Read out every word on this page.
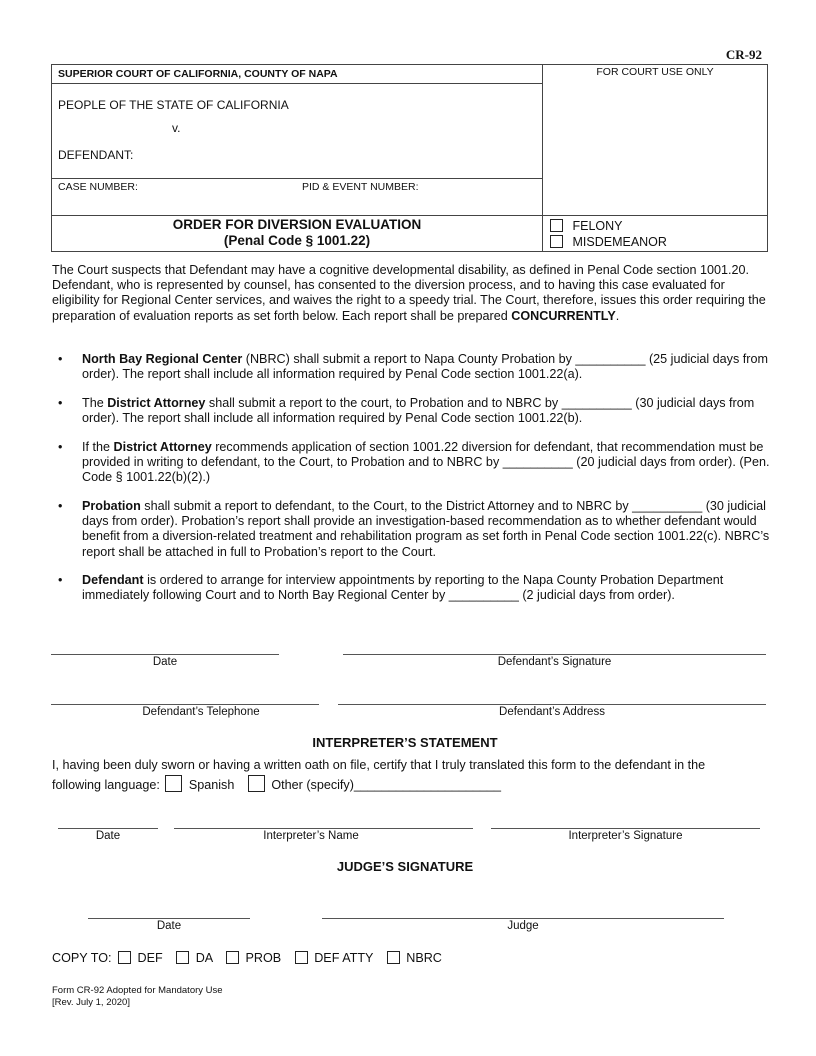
CR-92
SUPERIOR COURT OF CALIFORNIA, COUNTY OF NAPA	FOR COURT USE ONLY
PEOPLE OF THE STATE OF CALIFORNIA
v.
DEFENDANT:
CASE NUMBER:	PID & EVENT NUMBER:
ORDER FOR DIVERSION EVALUATION
(Penal Code § 1001.22)
FELONY
MISDEMEANOR
The Court suspects that Defendant may have a cognitive developmental disability, as defined in Penal Code section 1001.20. Defendant, who is represented by counsel, has consented to the diversion process, and to having this case evaluated for eligibility for Regional Center services, and waives the right to a speedy trial. The Court, therefore, issues this order requiring the preparation of evaluation reports as set forth below. Each report shall be prepared CONCURRENTLY.
• North Bay Regional Center (NBRC) shall submit a report to Napa County Probation by __________ (25 judicial days from order). The report shall include all information required by Penal Code section 1001.22(a).
• The District Attorney shall submit a report to the court, to Probation and to NBRC by __________ (30 judicial days from order). The report shall include all information required by Penal Code section 1001.22(b).
• If the District Attorney recommends application of section 1001.22 diversion for defendant, that recommendation must be provided in writing to defendant, to the Court, to Probation and to NBRC by __________ (20 judicial days from order). (Pen. Code § 1001.22(b)(2).)
• Probation shall submit a report to defendant, to the Court, to the District Attorney and to NBRC by __________ (30 judicial days from order). Probation’s report shall provide an investigation-based recommendation as to whether defendant would benefit from a diversion-related treatment and rehabilitation program as set forth in Penal Code section 1001.22(c). NBRC’s report shall be attached in full to Probation’s report to the Court.
• Defendant is ordered to arrange for interview appointments by reporting to the Napa County Probation Department immediately following Court and to North Bay Regional Center by __________ (2 judicial days from order).
Date	Defendant’s Signature
Defendant’s Telephone	Defendant’s Address
INTERPRETER’S STATEMENT
I, having been duly sworn or having a written oath on file, certify that I truly translated this form to the defendant in the
following language: Spanish	Other (specify)_____________________
Date	Interpreter’s Name	Interpreter’s Signature
JUDGE’S SIGNATURE
Date	Judge
COPY TO: DEF	DA	PROB	DEF ATTY	NBRC
Form CR-92 Adopted for Mandatory Use
[Rev. July 1, 2020]
